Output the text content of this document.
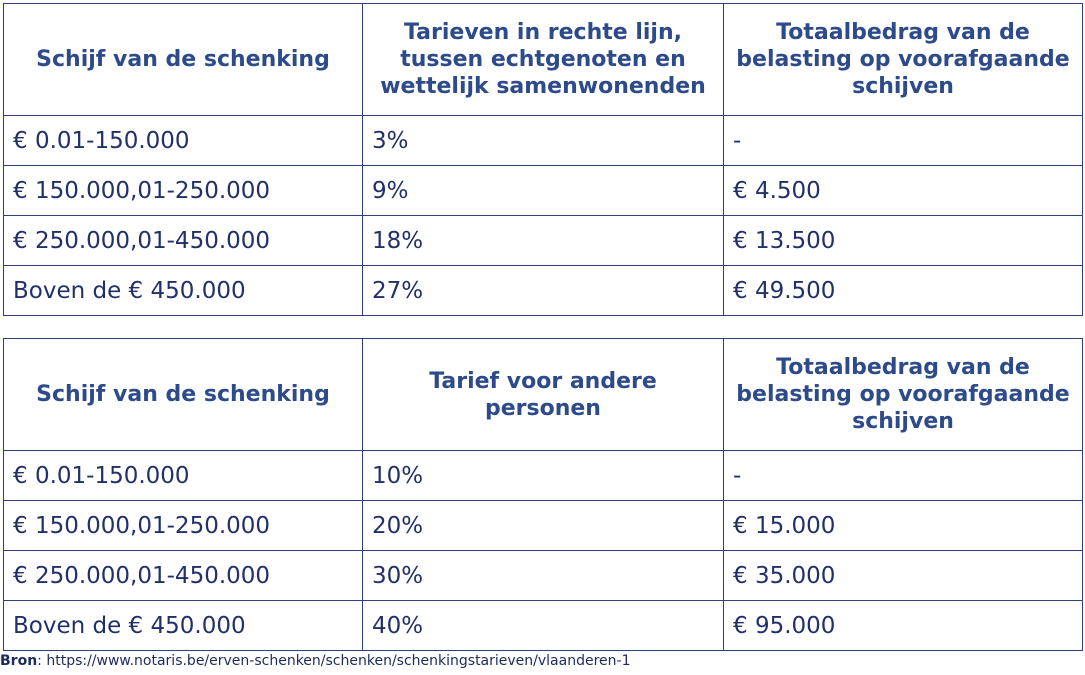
Schijf van de schenking	Tarieven in rechte lijn, tussen echtgenoten en wettelijk samenwonenden	Totaalbedrag van de belasting op voorafgaande schijven
€ 0.01-150.000	3%	-
€ 150.000,01-250.000	9%	€ 4.500
€ 250.000,01-450.000	18%	€ 13.500
Boven de € 450.000	27%	€ 49.500
Schijf van de schenking	Tarief voor andere personen	Totaalbedrag van de belasting op voorafgaande schijven
€ 0.01-150.000	10%	-
€ 150.000,01-250.000	20%	€ 15.000
€ 250.000,01-450.000	30%	€ 35.000
Boven de € 450.000	40%	€ 95.000
Bron: https://www.notaris.be/erven-schenken/schenken/schenkingstarieven/vlaanderen-1
